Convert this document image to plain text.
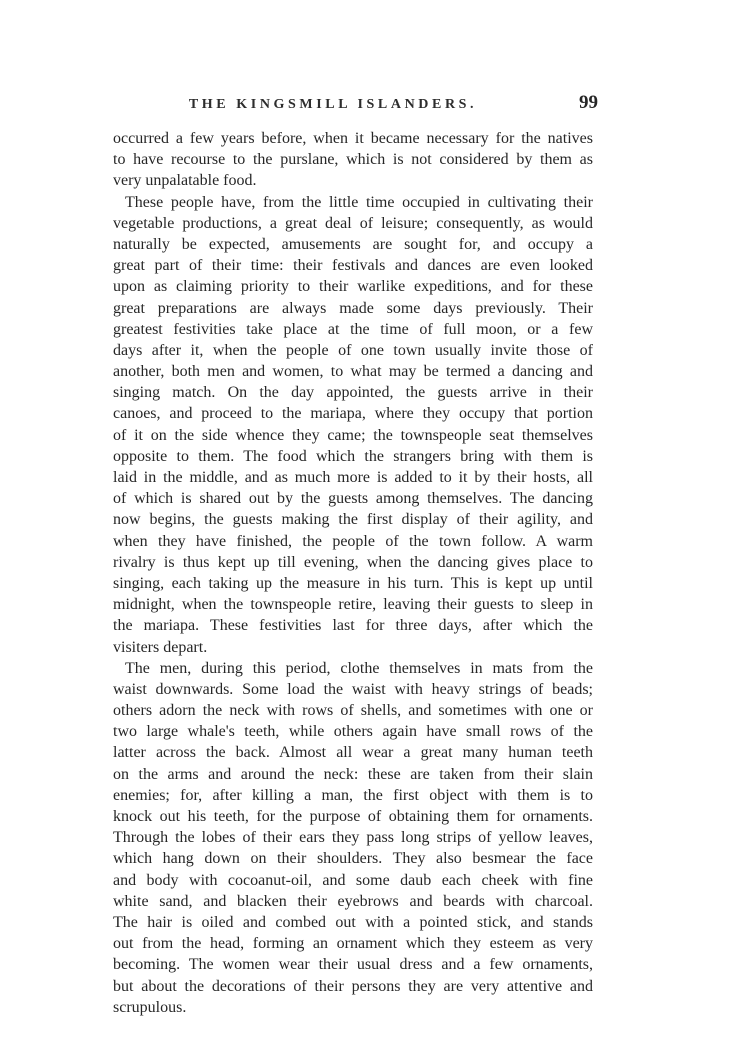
THE KINGSMILL ISLANDERS.	99
occurred a few years before, when it became necessary for the natives
to have recourse to the purslane, which is not considered by them as
very unpalatable food.
These people have, from the little time occupied in cultivating their
vegetable productions, a great deal of leisure; consequently, as would
naturally be expected, amusements are sought for, and occupy a
great part of their time: their festivals and dances are even looked
upon as claiming priority to their warlike expeditions, and for these
great preparations are always made some days previously. Their
greatest festivities take place at the time of full moon, or a few
days after it, when the people of one town usually invite those of
another, both men and women, to what may be termed a dancing and
singing match. On the day appointed, the guests arrive in their
canoes, and proceed to the mariapa, where they occupy that portion
of it on the side whence they came; the townspeople seat themselves
opposite to them. The food which the strangers bring with them is
laid in the middle, and as much more is added to it by their hosts, all
of which is shared out by the guests among themselves. The dancing
now begins, the guests making the first display of their agility, and
when they have finished, the people of the town follow. A warm
rivalry is thus kept up till evening, when the dancing gives place to
singing, each taking up the measure in his turn. This is kept up until
midnight, when the townspeople retire, leaving their guests to sleep in
the mariapa. These festivities last for three days, after which the
visiters depart.
The men, during this period, clothe themselves in mats from the
waist downwards. Some load the waist with heavy strings of beads;
others adorn the neck with rows of shells, and sometimes with one or
two large whale's teeth, while others again have small rows of the
latter across the back. Almost all wear a great many human teeth
on the arms and around the neck: these are taken from their slain
enemies; for, after killing a man, the first object with them is to
knock out his teeth, for the purpose of obtaining them for ornaments.
Through the lobes of their ears they pass long strips of yellow leaves,
which hang down on their shoulders. They also besmear the face
and body with cocoanut-oil, and some daub each cheek with fine
white sand, and blacken their eyebrows and beards with charcoal.
The hair is oiled and combed out with a pointed stick, and stands
out from the head, forming an ornament which they esteem as very
becoming. The women wear their usual dress and a few ornaments,
but about the decorations of their persons they are very attentive and
scrupulous.
